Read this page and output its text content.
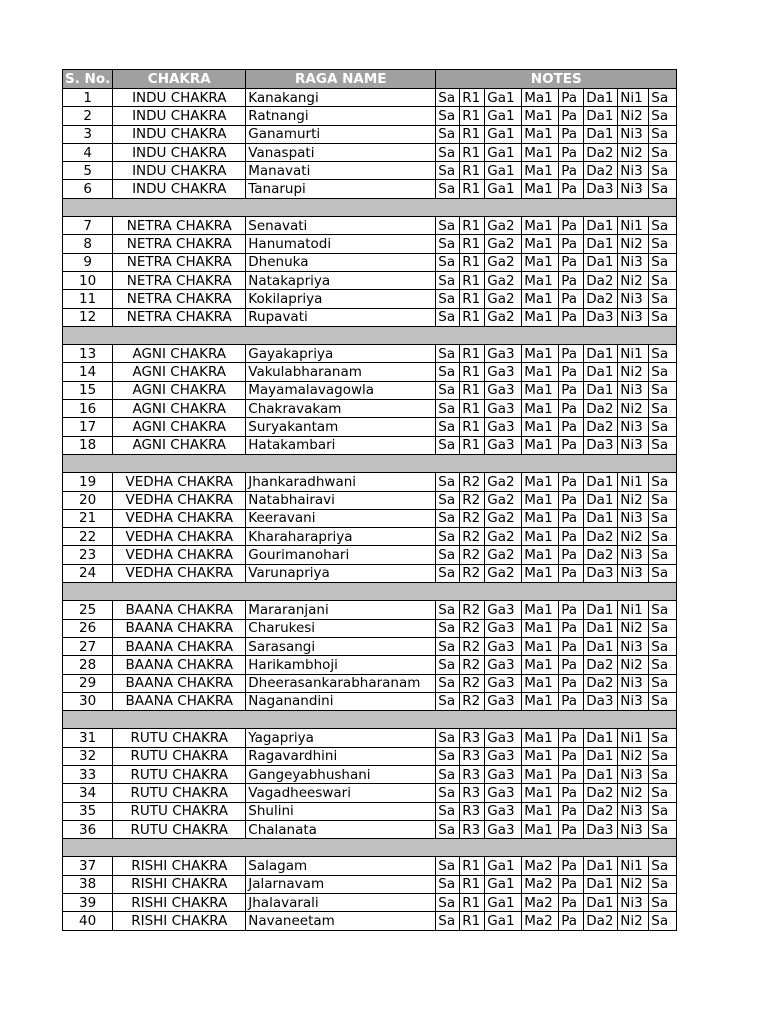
S. No.	CHAKRA	RAGA NAME	NOTES							
1	INDU CHAKRA	Kanakangi	Sa	R1	Ga1	Ma1	Pa	Da1	Ni1	Sa
2	INDU CHAKRA	Ratnangi	Sa	R1	Ga1	Ma1	Pa	Da1	Ni2	Sa
3	INDU CHAKRA	Ganamurti	Sa	R1	Ga1	Ma1	Pa	Da1	Ni3	Sa
4	INDU CHAKRA	Vanaspati	Sa	R1	Ga1	Ma1	Pa	Da2	Ni2	Sa
5	INDU CHAKRA	Manavati	Sa	R1	Ga1	Ma1	Pa	Da2	Ni3	Sa
6	INDU CHAKRA	Tanarupi	Sa	R1	Ga1	Ma1	Pa	Da3	Ni3	Sa

7	NETRA CHAKRA	Senavati	Sa	R1	Ga2	Ma1	Pa	Da1	Ni1	Sa
8	NETRA CHAKRA	Hanumatodi	Sa	R1	Ga2	Ma1	Pa	Da1	Ni2	Sa
9	NETRA CHAKRA	Dhenuka	Sa	R1	Ga2	Ma1	Pa	Da1	Ni3	Sa
10	NETRA CHAKRA	Natakapriya	Sa	R1	Ga2	Ma1	Pa	Da2	Ni2	Sa
11	NETRA CHAKRA	Kokilapriya	Sa	R1	Ga2	Ma1	Pa	Da2	Ni3	Sa
12	NETRA CHAKRA	Rupavati	Sa	R1	Ga2	Ma1	Pa	Da3	Ni3	Sa

13	AGNI CHAKRA	Gayakapriya	Sa	R1	Ga3	Ma1	Pa	Da1	Ni1	Sa
14	AGNI CHAKRA	Vakulabharanam	Sa	R1	Ga3	Ma1	Pa	Da1	Ni2	Sa
15	AGNI CHAKRA	Mayamalavagowla	Sa	R1	Ga3	Ma1	Pa	Da1	Ni3	Sa
16	AGNI CHAKRA	Chakravakam	Sa	R1	Ga3	Ma1	Pa	Da2	Ni2	Sa
17	AGNI CHAKRA	Suryakantam	Sa	R1	Ga3	Ma1	Pa	Da2	Ni3	Sa
18	AGNI CHAKRA	Hatakambari	Sa	R1	Ga3	Ma1	Pa	Da3	Ni3	Sa

19	VEDHA CHAKRA	Jhankaradhwani	Sa	R2	Ga2	Ma1	Pa	Da1	Ni1	Sa
20	VEDHA CHAKRA	Natabhairavi	Sa	R2	Ga2	Ma1	Pa	Da1	Ni2	Sa
21	VEDHA CHAKRA	Keeravani	Sa	R2	Ga2	Ma1	Pa	Da1	Ni3	Sa
22	VEDHA CHAKRA	Kharaharapriya	Sa	R2	Ga2	Ma1	Pa	Da2	Ni2	Sa
23	VEDHA CHAKRA	Gourimanohari	Sa	R2	Ga2	Ma1	Pa	Da2	Ni3	Sa
24	VEDHA CHAKRA	Varunapriya	Sa	R2	Ga2	Ma1	Pa	Da3	Ni3	Sa

25	BAANA CHAKRA	Mararanjani	Sa	R2	Ga3	Ma1	Pa	Da1	Ni1	Sa
26	BAANA CHAKRA	Charukesi	Sa	R2	Ga3	Ma1	Pa	Da1	Ni2	Sa
27	BAANA CHAKRA	Sarasangi	Sa	R2	Ga3	Ma1	Pa	Da1	Ni3	Sa
28	BAANA CHAKRA	Harikambhoji	Sa	R2	Ga3	Ma1	Pa	Da2	Ni2	Sa
29	BAANA CHAKRA	Dheerasankarabharanam	Sa	R2	Ga3	Ma1	Pa	Da2	Ni3	Sa
30	BAANA CHAKRA	Naganandini	Sa	R2	Ga3	Ma1	Pa	Da3	Ni3	Sa

31	RUTU CHAKRA	Yagapriya	Sa	R3	Ga3	Ma1	Pa	Da1	Ni1	Sa
32	RUTU CHAKRA	Ragavardhini	Sa	R3	Ga3	Ma1	Pa	Da1	Ni2	Sa
33	RUTU CHAKRA	Gangeyabhushani	Sa	R3	Ga3	Ma1	Pa	Da1	Ni3	Sa
34	RUTU CHAKRA	Vagadheeswari	Sa	R3	Ga3	Ma1	Pa	Da2	Ni2	Sa
35	RUTU CHAKRA	Shulini	Sa	R3	Ga3	Ma1	Pa	Da2	Ni3	Sa
36	RUTU CHAKRA	Chalanata	Sa	R3	Ga3	Ma1	Pa	Da3	Ni3	Sa

37	RISHI CHAKRA	Salagam	Sa	R1	Ga1	Ma2	Pa	Da1	Ni1	Sa
38	RISHI CHAKRA	Jalarnavam	Sa	R1	Ga1	Ma2	Pa	Da1	Ni2	Sa
39	RISHI CHAKRA	Jhalavarali	Sa	R1	Ga1	Ma2	Pa	Da1	Ni3	Sa
40	RISHI CHAKRA	Navaneetam	Sa	R1	Ga1	Ma2	Pa	Da2	Ni2	Sa
